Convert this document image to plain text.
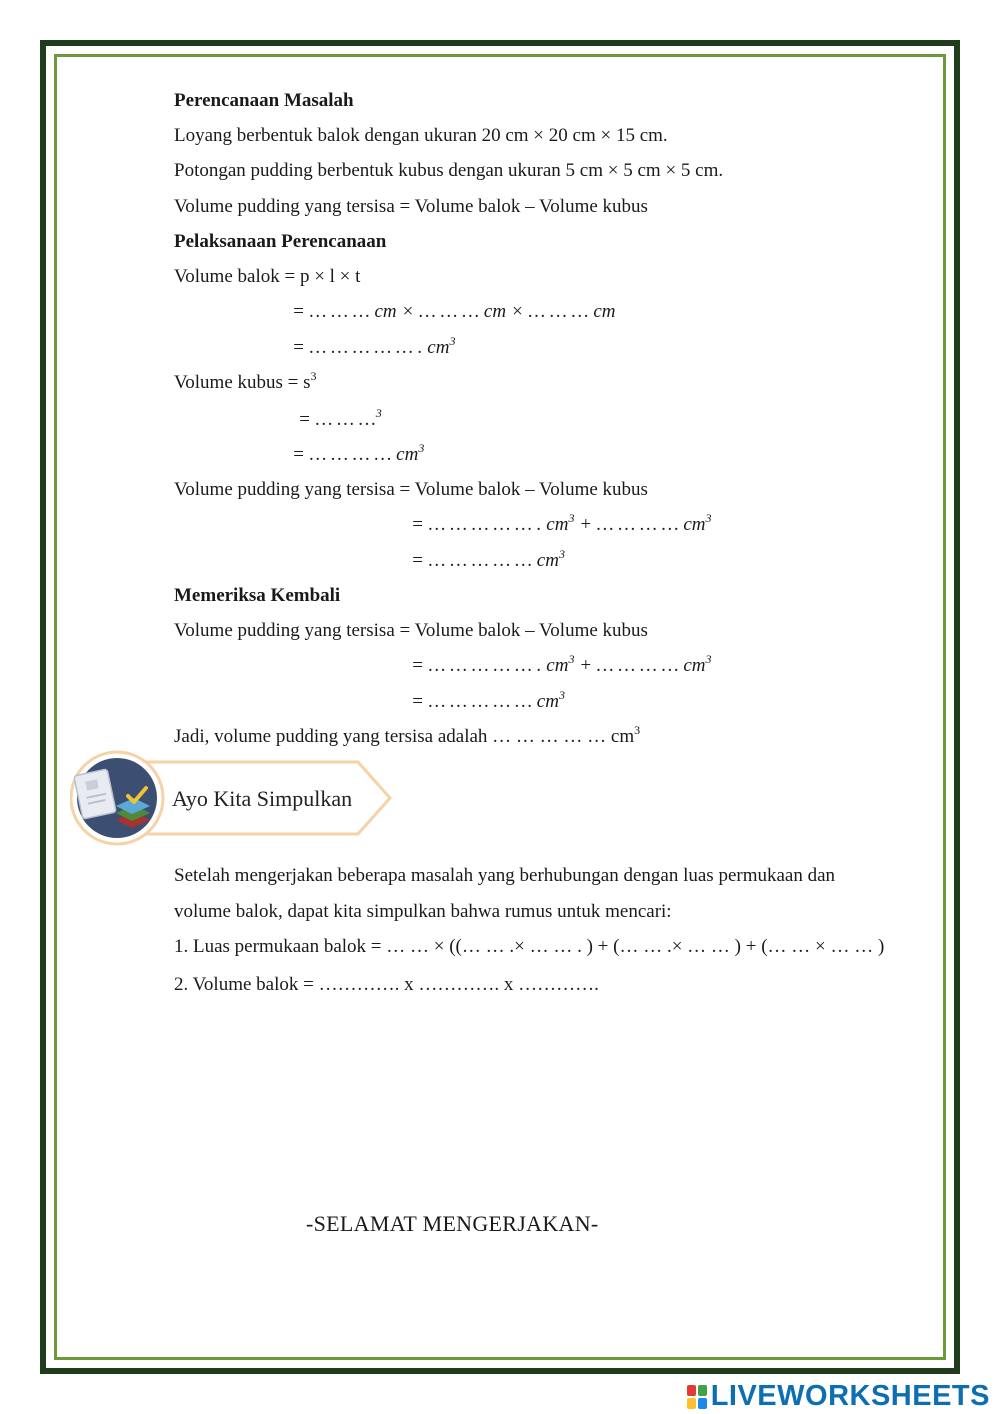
Perencanaan Masalah
Loyang berbentuk balok dengan ukuran 20 cm × 20 cm × 15 cm.
Potongan pudding berbentuk kubus dengan ukuran 5 cm × 5 cm × 5 cm.
Volume pudding yang tersisa = Volume balok – Volume kubus
Pelaksanaan Perencanaan
Volume balok = p × l × t
= … … … cm × … … … cm × … … … cm
= … … … … … . $cm^3$
Volume kubus = $s^3$
= … … …$^3$
= … … … … $cm^3$
Volume pudding yang tersisa = Volume balok – Volume kubus
= … … … … … . $cm^3$ + … … … … $cm^3$
= … … … … … $cm^3$
Memeriksa Kembali
Volume pudding yang tersisa = Volume balok – Volume kubus
= … … … … … . $cm^3$ + … … … … $cm^3$
= … … … … … $cm^3$
Jadi, volume pudding yang tersisa adalah … … … … … $cm^3$
Ayo Kita Simpulkan
Setelah mengerjakan beberapa masalah yang berhubungan dengan luas permukaan dan
volume balok, dapat kita simpulkan bahwa rumus untuk mencari:
1. Luas permukaan balok = … … × ((… … .× … … . ) + (… … .× … … ) + (… … × … … )
2. Volume balok = …………. x …………. x ………….
-SELAMAT MENGERJAKAN-
LIVEWORKSHEETS
